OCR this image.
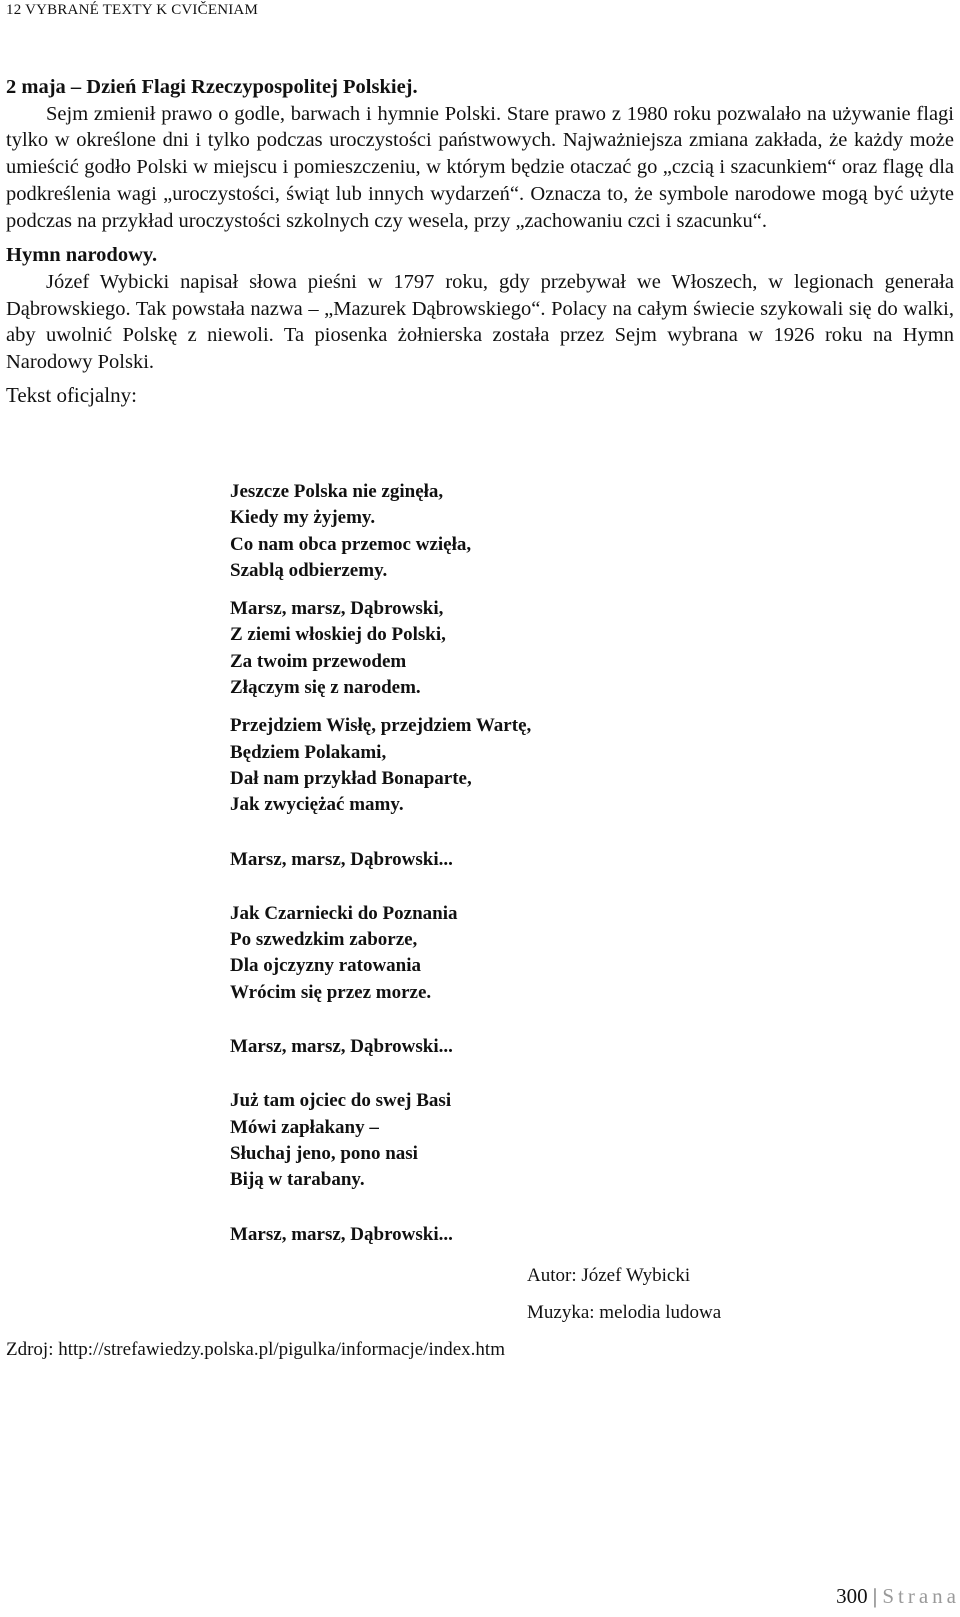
12 VYBRANÉ TEXTY K CVIČENIAM

2 maja – Dzień Flagi Rzeczypospolitej Polskiej.

Sejm zmienił prawo o godle, barwach i hymnie Polski. Stare prawo z 1980 roku pozwalało na używanie flagi tylko w określone dni i tylko podczas uroczystości państwowych. Najważniejsza zmiana zakłada, że każdy może umieścić godło Polski w miejscu i pomieszczeniu, w którym będzie otaczać go „czcią i szacunkiem“ oraz flagę dla podkreślenia wagi „uroczystości, świąt lub innych wydarzeń“. Oznacza to, że symbole narodowe mogą być użyte podczas na przykład uroczystości szkolnych czy wesela, przy „zachowaniu czci i szacunku“.

Hymn narodowy.

Józef Wybicki napisał słowa pieśni w 1797 roku, gdy przebywał we Włoszech, w legionach generała Dąbrowskiego. Tak powstała nazwa – „Mazurek Dąbrowskiego“. Polacy na całym świecie szykowali się do walki, aby uwolnić Polskę z niewoli. Ta piosenka żołnierska została przez Sejm wybrana w 1926 roku na Hymn Narodowy Polski.

Tekst oficjalny:

Jeszcze Polska nie zginęła,
Kiedy my żyjemy.
Co nam obca przemoc wzięła,
Szablą odbierzemy.
Marsz, marsz, Dąbrowski,
Z ziemi włoskiej do Polski,
Za twoim przewodem
Złączym się z narodem.
Przejdziem Wisłę, przejdziem Wartę,
Będziem Polakami,
Dał nam przykład Bonaparte,
Jak zwyciężać mamy.
Marsz, marsz, Dąbrowski...
Jak Czarniecki do Poznania
Po szwedzkim zaborze,
Dla ojczyzny ratowania
Wrócim się przez morze.
Marsz, marsz, Dąbrowski...
Już tam ojciec do swej Basi
Mówi zapłakany –
Słuchaj jeno, pono nasi
Biją w tarabany.
Marsz, marsz, Dąbrowski...
Autor: Józef Wybicki
Muzyka: melodia ludowa
Zdroj: http://strefawiedzy.polska.pl/pigulka/informacje/index.htm
300 | Strana
